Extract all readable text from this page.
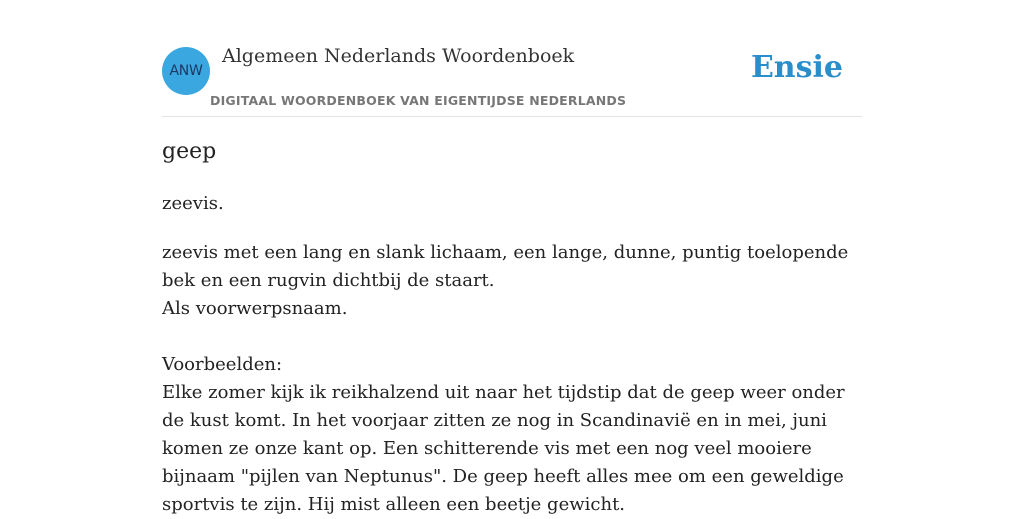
ANW
Algemeen Nederlands Woordenboek
DIGITAAL WOORDENBOEK VAN EIGENTIJDSE NEDERLANDS
Ensie
geep
zeevis.

zeevis met een lang en slank lichaam, een lange, dunne, puntig toelopende bek en een rugvin dichtbij de staart.

Als voorwerpsnaam.

Voorbeelden:

Elke zomer kijk ik reikhalzend uit naar het tijdstip dat de geep weer onder de kust komt. In het voorjaar zitten ze nog in Scandinavië en in mei, juni komen ze onze kant op. Een schitterende vis met een nog veel mooiere bijnaam "pijlen van Neptunus". De geep heeft alles mee om een geweldige sportvis te zijn. Hij mist alleen een beetje gewicht.
